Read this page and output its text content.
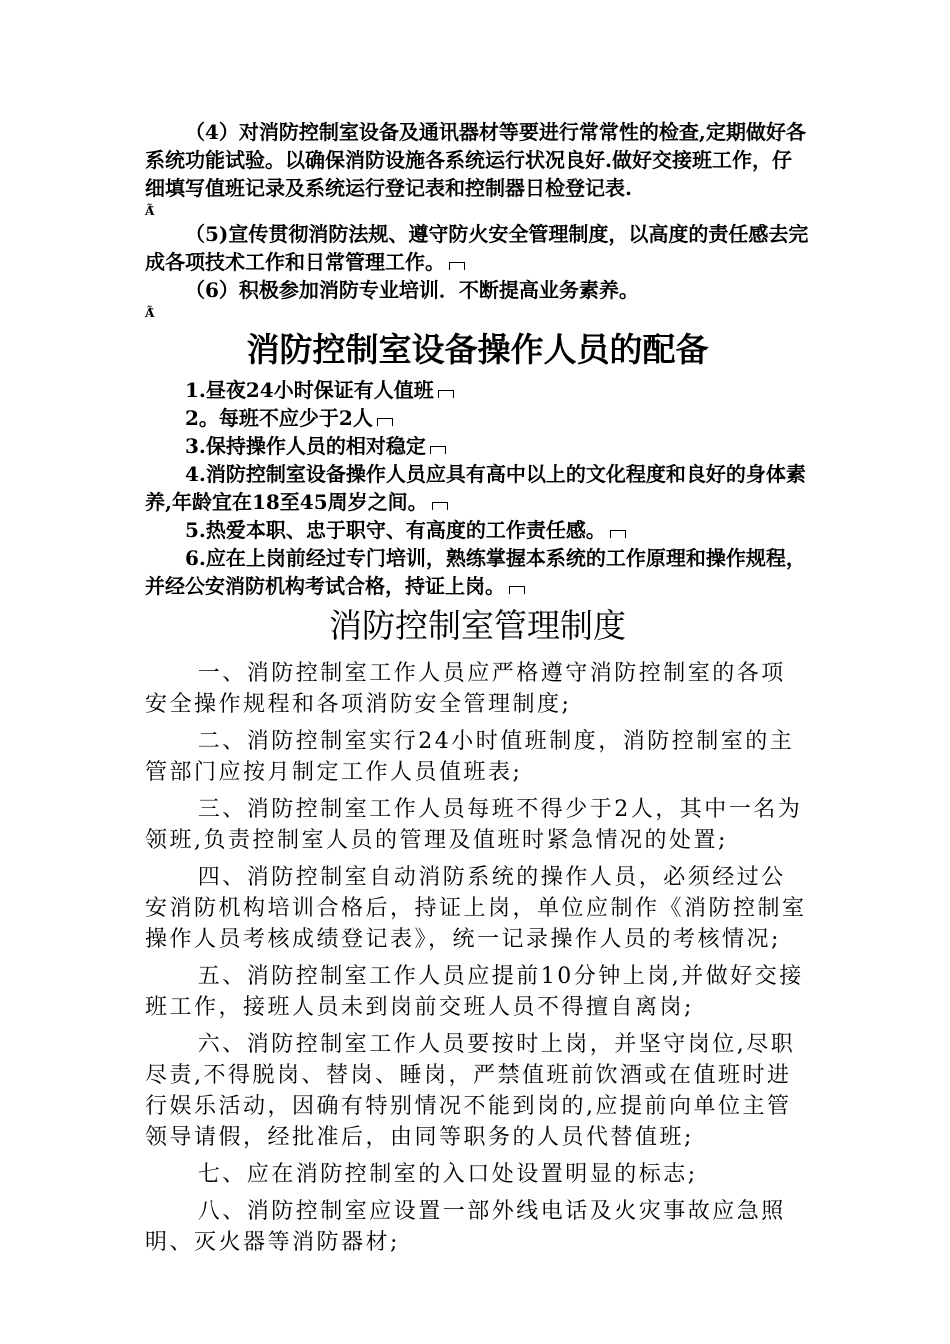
（4）对消防控制室设备及通讯器材等要进行常常性的检查,定期做好各系统功能试验。以确保消防设施各系统运行状况良好.做好交接班工作，仔细填写值班记录及系统运行登记表和控制器日检登记表.

Ã̃

（5)宣传贯彻消防法规、遵守防火安全管理制度，以高度的责任感去完成各项技术工作和日常管理工作。

（6）积极参加消防专业培训．不断提高业务素养。

Ã̃
消防控制室设备操作人员的配备

1.昼夜24小时保证有人值班

2。每班不应少于2人

3.保持操作人员的相对稳定

4.消防控制室设备操作人员应具有高中以上的文化程度和良好的身体素养,年龄宜在18至45周岁之间。

5.热爱本职、忠于职守、有高度的工作责任感。

6.应在上岗前经过专门培训，熟练掌握本系统的工作原理和操作规程，并经公安消防机构考试合格，持证上岗。

消防控制室管理制度

一、消防控制室工作人员应严格遵守消防控制室的各项安全操作规程和各项消防安全管理制度;

二、消防控制室实行24小时值班制度，消防控制室的主管部门应按月制定工作人员值班表;

三、消防控制室工作人员每班不得少于2人，其中一名为领班,负责控制室人员的管理及值班时紧急情况的处置;

四、消防控制室自动消防系统的操作人员，必须经过公安消防机构培训合格后，持证上岗，单位应制作《消防控制室操作人员考核成绩登记表》，统一记录操作人员的考核情况;

五、消防控制室工作人员应提前10分钟上岗,并做好交接班工作，接班人员未到岗前交班人员不得擅自离岗;

六、消防控制室工作人员要按时上岗，并坚守岗位,尽职尽责,不得脱岗、替岗、睡岗，严禁值班前饮酒或在值班时进行娱乐活动，因确有特别情况不能到岗的,应提前向单位主管领导请假，经批准后，由同等职务的人员代替值班;

七、应在消防控制室的入口处设置明显的标志;

八、消防控制室应设置一部外线电话及火灾事故应急照明、灭火器等消防器材;
